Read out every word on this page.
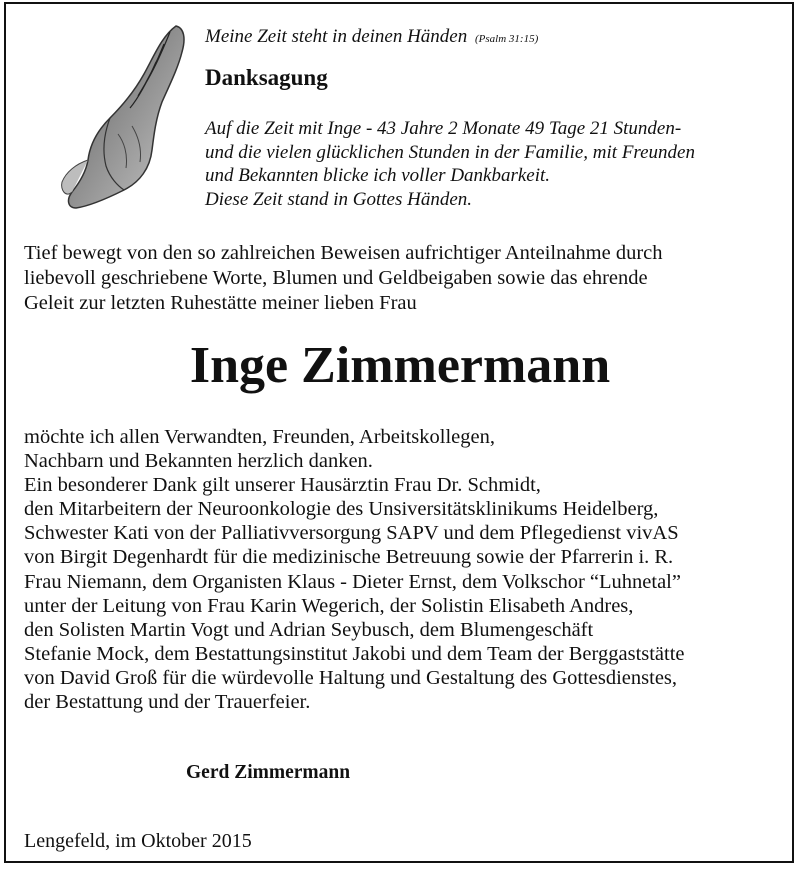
Meine Zeit steht in deinen Händen (Psalm 31:15)
Danksagung
Auf die Zeit mit Inge - 43 Jahre 2 Monate 49 Tage 21 Stunden-
und die vielen glücklichen Stunden in der Familie, mit Freunden
und Bekannten blicke ich voller Dankbarkeit.
Diese Zeit stand in Gottes Händen.
Tief bewegt von den so zahlreichen Beweisen aufrichtiger Anteilnahme durch
liebevoll geschriebene Worte, Blumen und Geldbeigaben sowie das ehrende
Geleit zur letzten Ruhestätte meiner lieben Frau
Inge Zimmermann
möchte ich allen Verwandten, Freunden, Arbeitskollegen,
Nachbarn und Bekannten herzlich danken.
Ein besonderer Dank gilt unserer Hausärztin Frau Dr. Schmidt,
den Mitarbeitern der Neuroonkologie des Unsiversitätsklinikums Heidelberg,
Schwester Kati von der Palliativversorgung SAPV und dem Pflegedienst vivAS
von Birgit Degenhardt für die medizinische Betreuung sowie der Pfarrerin i. R.
Frau Niemann, dem Organisten Klaus - Dieter Ernst, dem Volkschor “Luhnetal”
unter der Leitung von Frau Karin Wegerich, der Solistin Elisabeth Andres,
den Solisten Martin Vogt und Adrian Seybusch, dem Blumengeschäft
Stefanie Mock, dem Bestattungsinstitut Jakobi und dem Team der Berggaststätte
von David Groß für die würdevolle Haltung und Gestaltung des Gottesdienstes,
der Bestattung und der Trauerfeier.
Gerd Zimmermann
Lengefeld, im Oktober 2015
